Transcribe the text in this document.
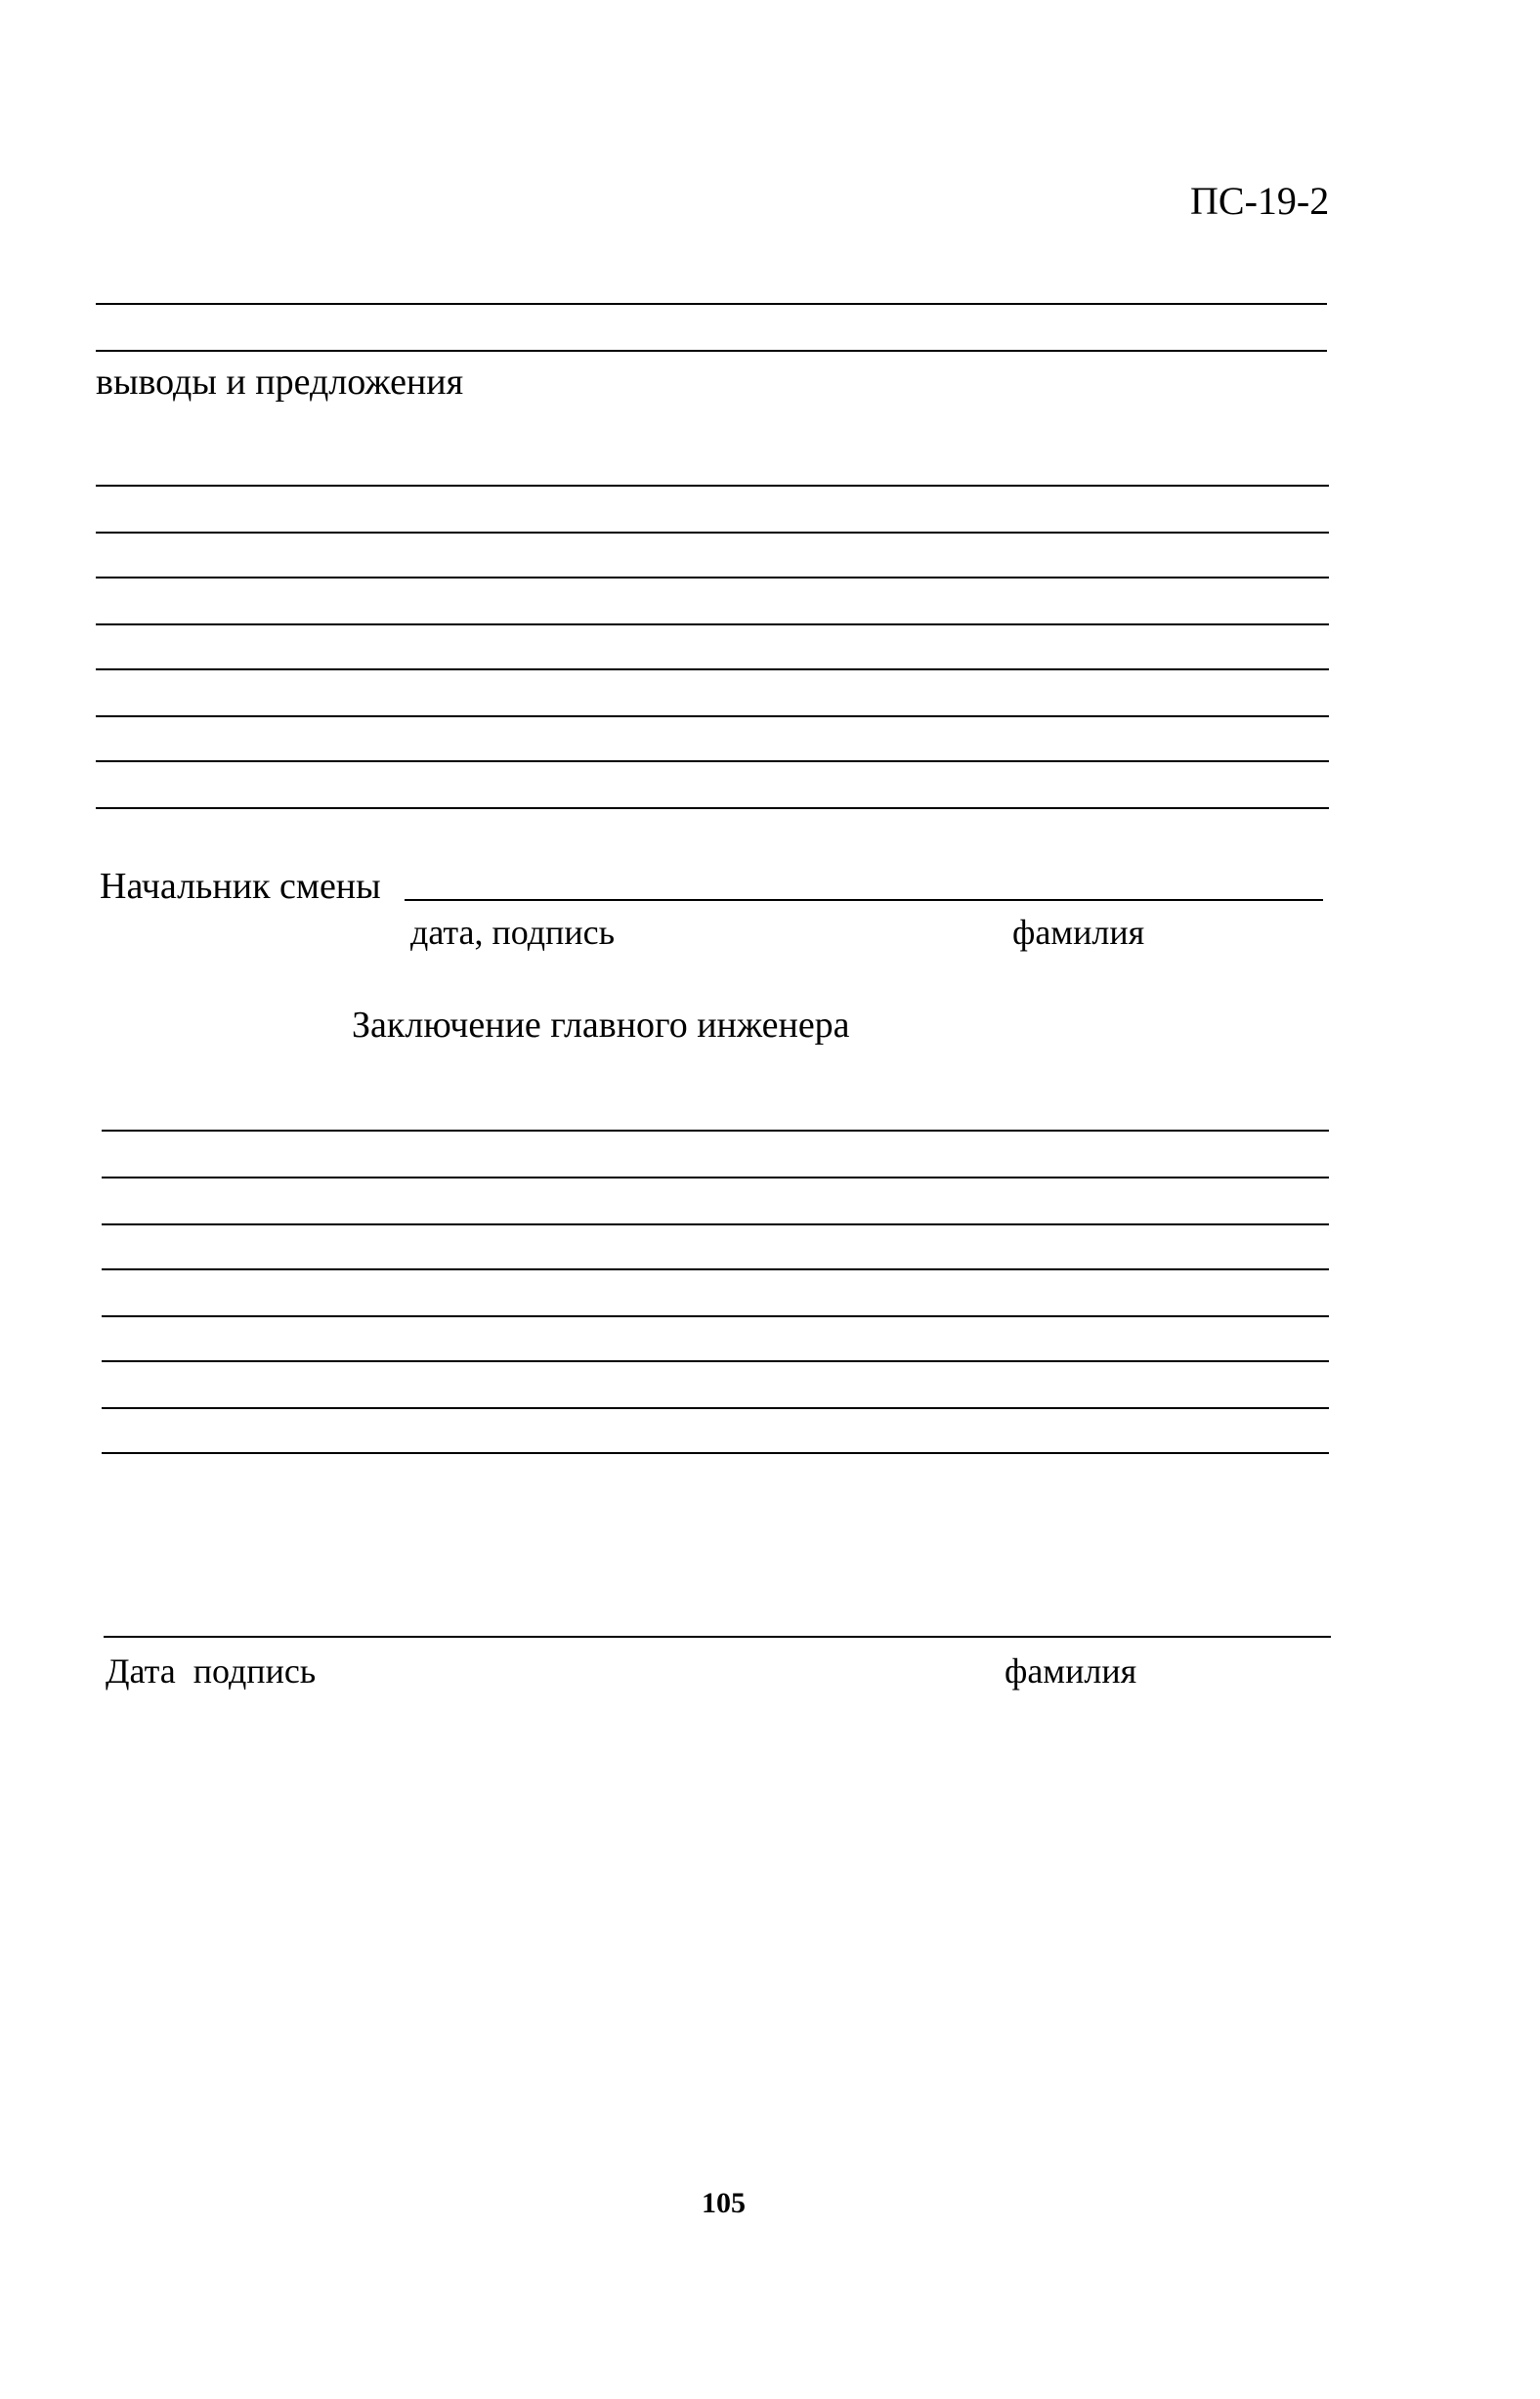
ПС-19-2
выводы и предложения
Начальник смены
дата, подпись	фамилия
Заключение главного инженера
Дата  подпись	фамилия
105
